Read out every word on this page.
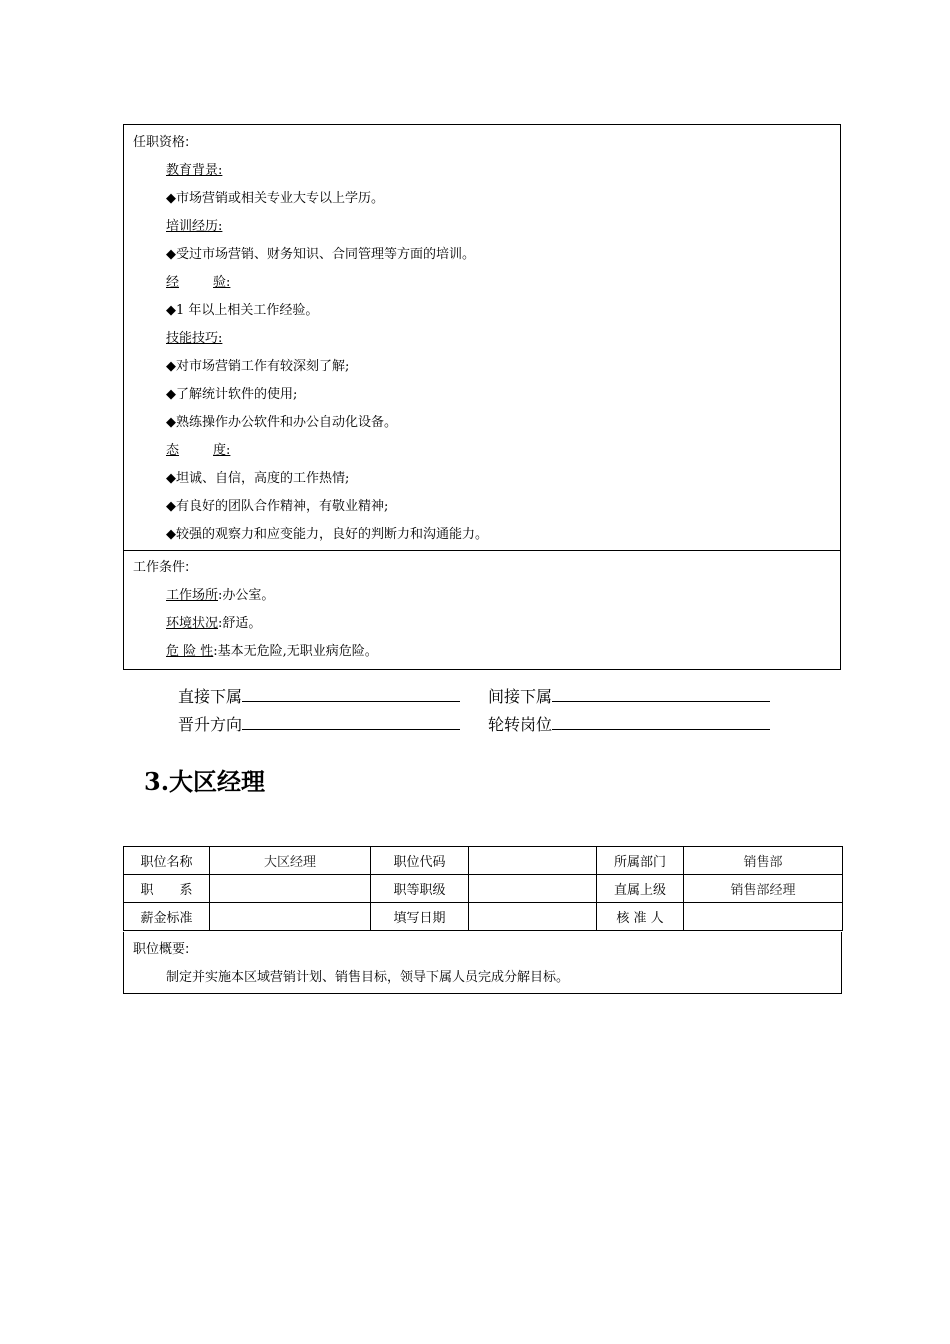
任职资格:
教育背景:
◆市场营销或相关专业大专以上学历。
培训经历:
◆受过市场营销、财务知识、合同管理等方面的培训。
经	验:
◆1 年以上相关工作经验。
技能技巧:
◆对市场营销工作有较深刻了解;
◆了解统计软件的使用;
◆熟练操作办公软件和办公自动化设备。
态	度:
◆坦诚、自信，高度的工作热情;
◆有良好的团队合作精神，有敬业精神;
◆较强的观察力和应变能力，良好的判断力和沟通能力。
工作条件:
工作场所:办公室。
环境状况:舒适。
危 险 性:基本无危险,无职业病危险。
直接下属	间接下属
晋升方向	轮转岗位
3.大区经理
职位名称	大区经理	职位代码		所属部门	销售部
职　　系		职等职级		直属上级	销售部经理
薪金标准		填写日期		核 准 人	
职位概要:
制定并实施本区域营销计划、销售目标，领导下属人员完成分解目标。
